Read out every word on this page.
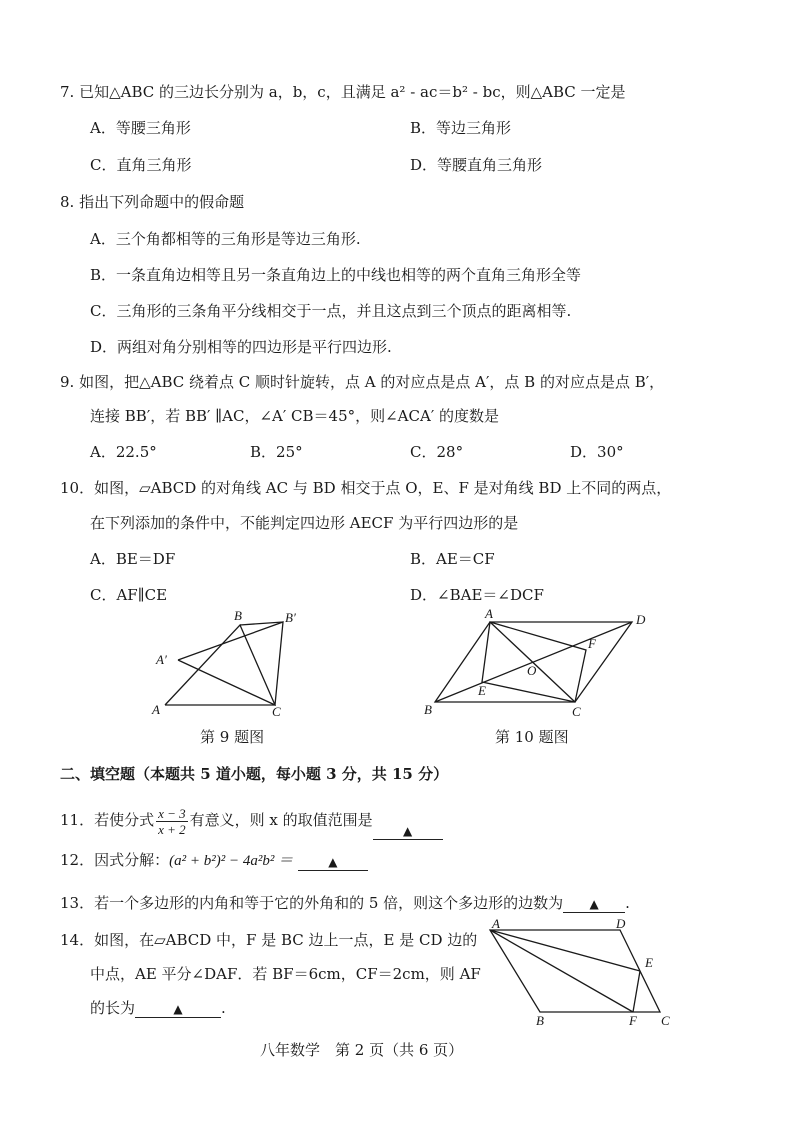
7. 已知△ABC 的三边长分别为 a，b，c，且满足 a² - ac＝b² - bc，则△ABC 一定是
A．等腰三角形	B．等边三角形
C．直角三角形	D．等腰直角三角形
8. 指出下列命题中的假命题
A．三个角都相等的三角形是等边三角形.
B．一条直角边相等且另一条直角边上的中线也相等的两个直角三角形全等
C．三角形的三条角平分线相交于一点，并且这点到三个顶点的距离相等.
D．两组对角分别相等的四边形是平行四边形.
9. 如图，把△ABC 绕着点 C 顺时针旋转，点 A 的对应点是点 A′，点 B 的对应点是点 B′，
连接 BB′，若 BB′ ∥AC，∠A′ CB＝45°，则∠ACA′ 的度数是
A．22.5°	B．25°	C．28°	D．30°
10．如图，▱ABCD 的对角线 AC 与 BD 相交于点 O，E、F 是对角线 BD 上不同的两点，
在下列添加的条件中，不能判定四边形 AECF 为平行四边形的是
A．BE＝DF	B．AE＝CF
C．AF∥CE	D．∠BAE＝∠DCF
B	B′
A′
A	C
A	D
F
O
E
B	C
A	D
E
B	F C
第 9 题图	第 10 题图
二、填空题（本题共 5 道小题，每小题 3 分，共 15 分）
11．若使分式 $\frac{x - 3}{x + 2}$ 有意义，则 x 的取值范围是▲
12．因式分解：(a² + b²)² − 4a²b² ＝	▲
13．若一个多边形的内角和等于它的外角和的 5 倍，则这个多边形的边数为 ▲ .
14．如图，在▱ABCD 中，F 是 BC 边上一点，E 是 CD 边的
中点，AE 平分∠DAF．若 BF＝6cm，CF＝2cm，则 AF
的长为	▲	.
八年数学　第 2 页（共 6 页）
